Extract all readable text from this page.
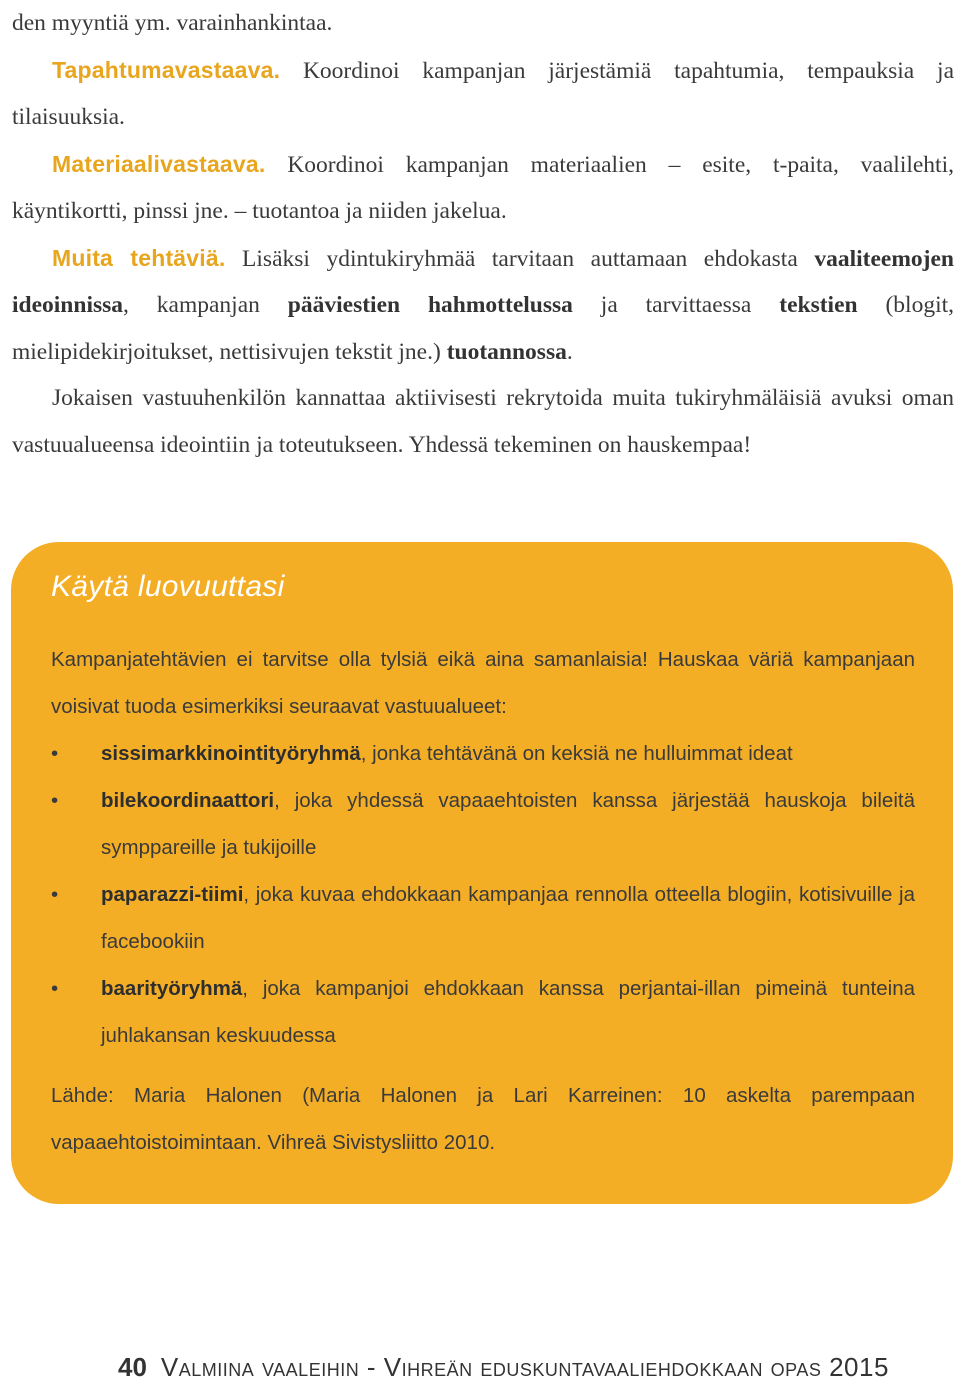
den myyntiä ym. varainhankintaa.

Tapahtumavastaava. Koordinoi kampanjan järjestämiä tapahtumia, tempauksia ja tilaisuuksia.

Materiaalivastaava. Koordinoi kampanjan materiaalien – esite, t-paita, vaalilehti, käyntikortti, pinssi jne. – tuotantoa ja niiden jakelua.

Muita tehtäviä. Lisäksi ydintukiryhmää tarvitaan auttamaan ehdokasta vaaliteemojen ideoinnissa, kampanjan pääviestien hahmottelussa ja tarvittaessa tekstien (blogit, mielipidekirjoitukset, nettisivujen tekstit jne.) tuotannossa.

Jokaisen vastuuhenkilön kannattaa aktiivisesti rekrytoida muita tukiryhmäläisiä avuksi oman vastuualueensa ideointiin ja toteutukseen. Yhdessä tekeminen on hauskempaa!

Käytä luovuuttasi

Kampanjatehtävien ei tarvitse olla tylsiä eikä aina samanlaisia! Hauskaa väriä kampanjaan voisivat tuoda esimerkiksi seuraavat vastuualueet:

•	sissimarkkinointityöryhmä, jonka tehtävänä on keksiä ne hulluimmat ideat
•	bilekoordinaattori, joka yhdessä vapaaehtoisten kanssa järjestää hauskoja bileitä symppareille ja tukijoille
•	paparazzi-tiimi, joka kuvaa ehdokkaan kampanjaa rennolla otteella blogiin, kotisivuille ja facebookiin
•	baarityöryhmä, joka kampanjoi ehdokkaan kanssa perjantai-illan pimeinä tunteina juhlakansan keskuudessa

Lähde: Maria Halonen (Maria Halonen ja Lari Karreinen: 10 askelta parempaan vapaaehtoistoimintaan. Vihreä Sivistysliitto 2010.

40 Valmiina vaaleihin - Vihreän eduskuntavaaliehdokkaan opas 2015
